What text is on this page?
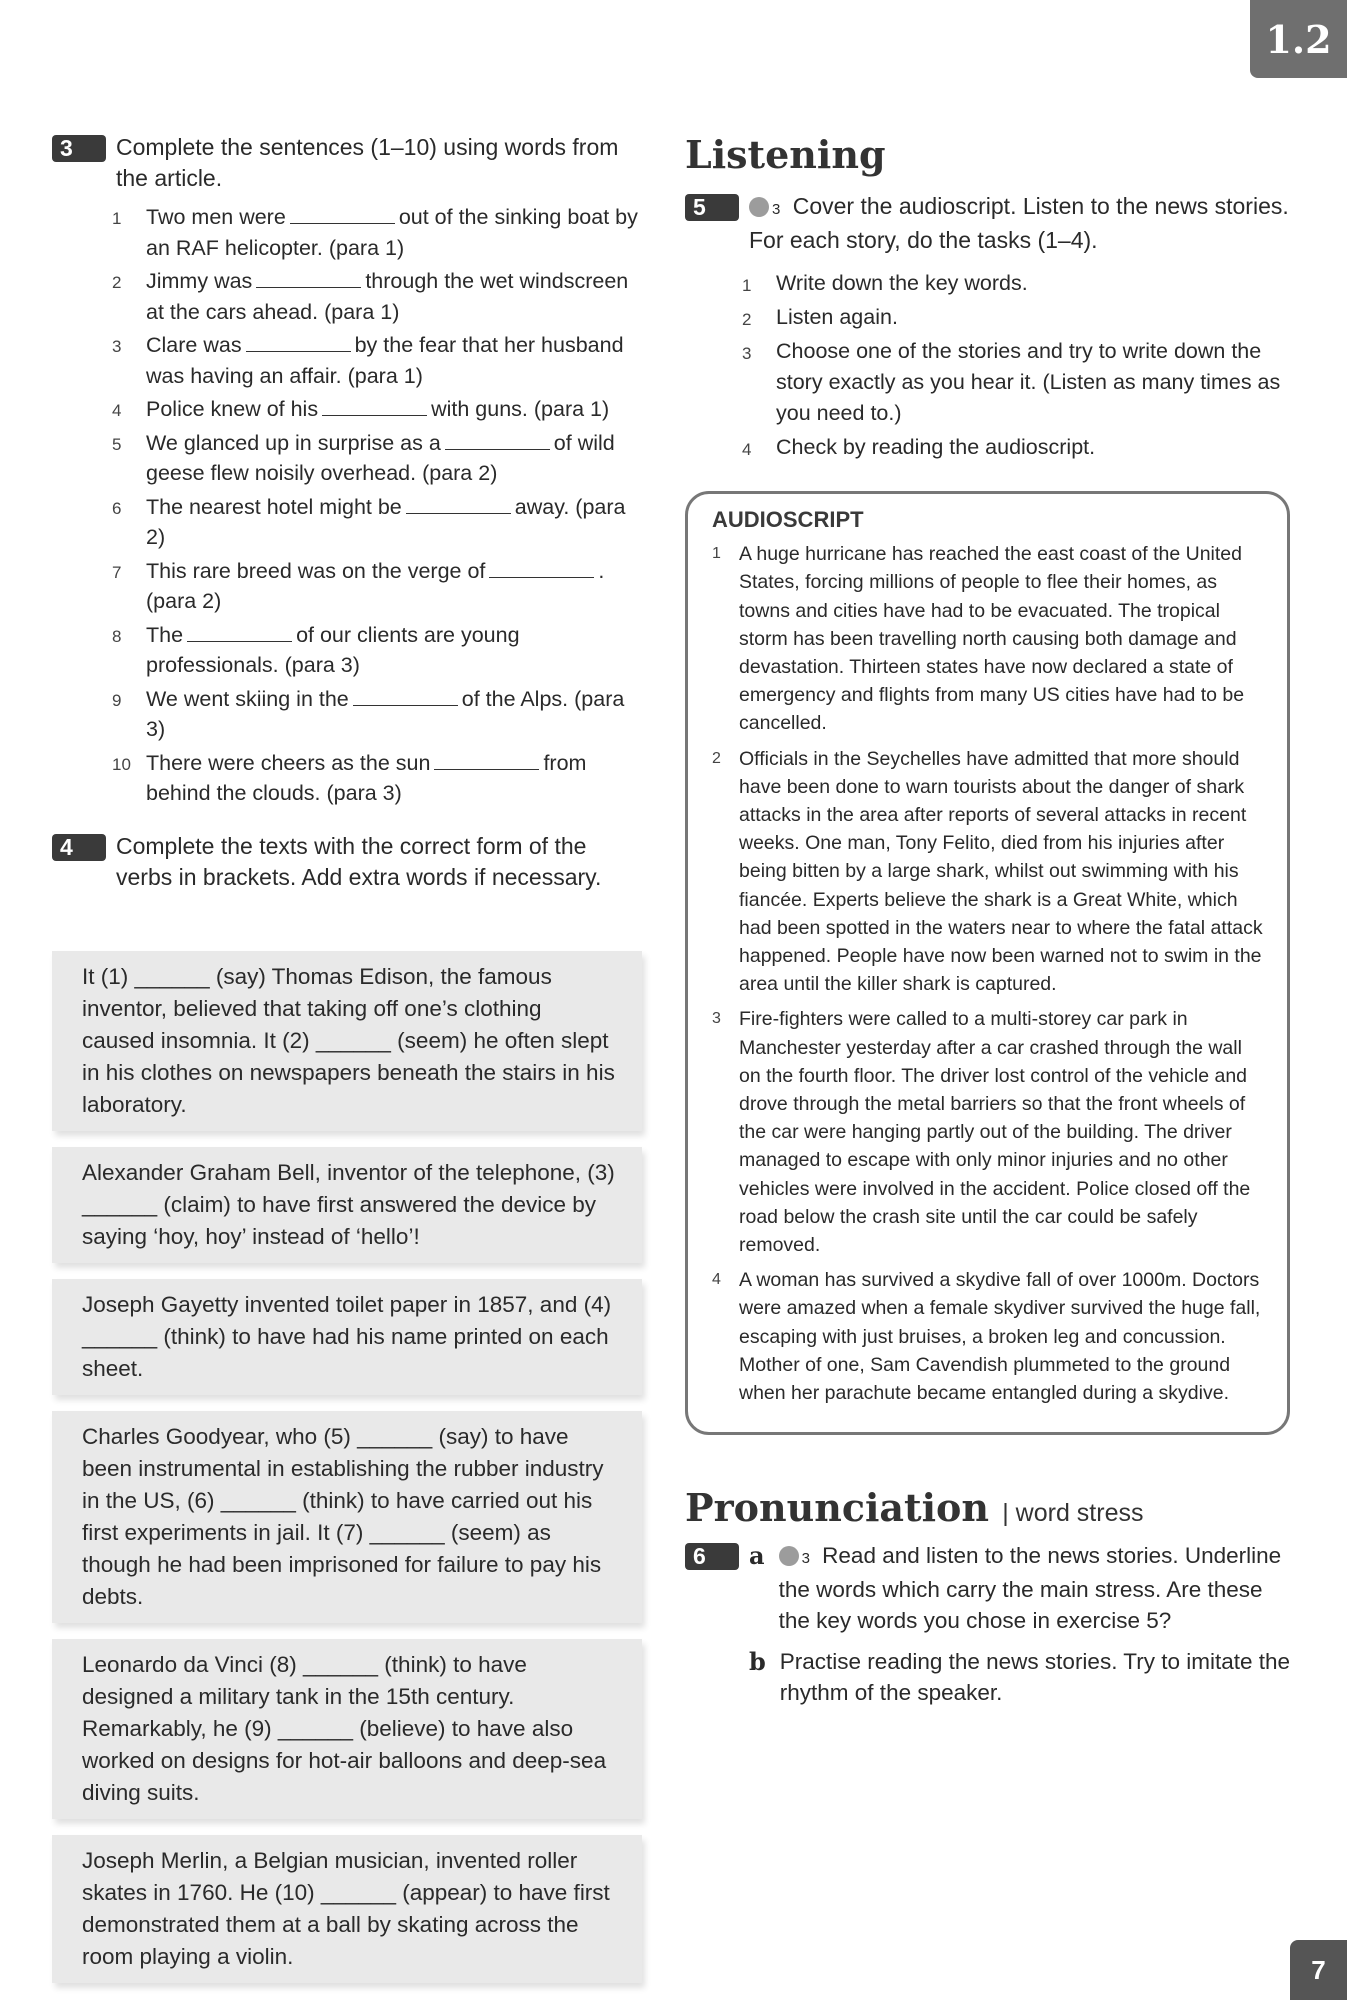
1.2
3	Complete the sentences (1–10) using words from the article.
1 Two men were	out of the sinking boat by an RAF helicopter. (para 1)
2 Jimmy was	through the wet windscreen at the cars ahead. (para 1)
3 Clare was	by the fear that her husband was having an affair. (para 1)
4 Police knew of his	with guns. (para 1)
5 We glanced up in surprise as a	of wild geese flew noisily overhead. (para 2)
6 The nearest hotel might be	away. (para 2)
7 This rare breed was on the verge of	. (para 2)
8 The	of our clients are young professionals. (para 3)
9 We went skiing in the	of the Alps. (para 3)
10 There were cheers as the sun	from behind the clouds. (para 3)
4	Complete the texts with the correct form of the verbs in brackets. Add extra words if necessary.
It (1) ______ (say) Thomas Edison, the famous inventor, believed that taking off one’s clothing caused insomnia. It (2) ______ (seem) he often slept in his clothes on newspapers beneath the stairs in his laboratory.
Alexander Graham Bell, inventor of the telephone, (3) ______ (claim) to have first answered the device by saying ‘hoy, hoy’ instead of ‘hello’!
Joseph Gayetty invented toilet paper in 1857, and (4) ______ (think) to have had his name printed on each sheet.
Charles Goodyear, who (5) ______ (say) to have been instrumental in establishing the rubber industry in the US, (6) ______ (think) to have carried out his first experiments in jail. It (7) ______ (seem) as though he had been imprisoned for failure to pay his debts.
Leonardo da Vinci (8) ______ (think) to have designed a military tank in the 15th century. Remarkably, he (9) ______ (believe) to have also worked on designs for hot-air balloons and deep-sea diving suits.
Joseph Merlin, a Belgian musician, invented roller skates in 1760. He (10) ______ (appear) to have first demonstrated them at a ball by skating across the room playing a violin.
Listening
5	3 Cover the audioscript. Listen to the news stories. For each story, do the tasks (1–4).
1 Write down the key words.
2 Listen again.
3 Choose one of the stories and try to write down the story exactly as you hear it. (Listen as many times as you need to.)
4 Check by reading the audioscript.
AUDIOSCRIPT
1 A huge hurricane has reached the east coast of the United States, forcing millions of people to flee their homes, as towns and cities have had to be evacuated. The tropical storm has been travelling north causing both damage and devastation. Thirteen states have now declared a state of emergency and flights from many US cities have had to be cancelled.
2 Officials in the Seychelles have admitted that more should have been done to warn tourists about the danger of shark attacks in the area after reports of several attacks in recent weeks. One man, Tony Felito, died from his injuries after being bitten by a large shark, whilst out swimming with his fiancée. Experts believe the shark is a Great White, which had been spotted in the waters near to where the fatal attack happened. People have now been warned not to swim in the area until the killer shark is captured.
3 Fire-fighters were called to a multi-storey car park in Manchester yesterday after a car crashed through the wall on the fourth floor. The driver lost control of the vehicle and drove through the metal barriers so that the front wheels of the car were hanging partly out of the building. The driver managed to escape with only minor injuries and no other vehicles were involved in the accident. Police closed off the road below the crash site until the car could be safely removed.
4 A woman has survived a skydive fall of over 1000m. Doctors were amazed when a female skydiver survived the huge fall, escaping with just bruises, a broken leg and concussion. Mother of one, Sam Cavendish plummeted to the ground when her parachute became entangled during a skydive.
Pronunciation | word stress
6	a	3 Read and listen to the news stories. Underline the words which carry the main stress. Are these the key words you chose in exercise 5?
b Practise reading the news stories. Try to imitate the rhythm of the speaker.
7
